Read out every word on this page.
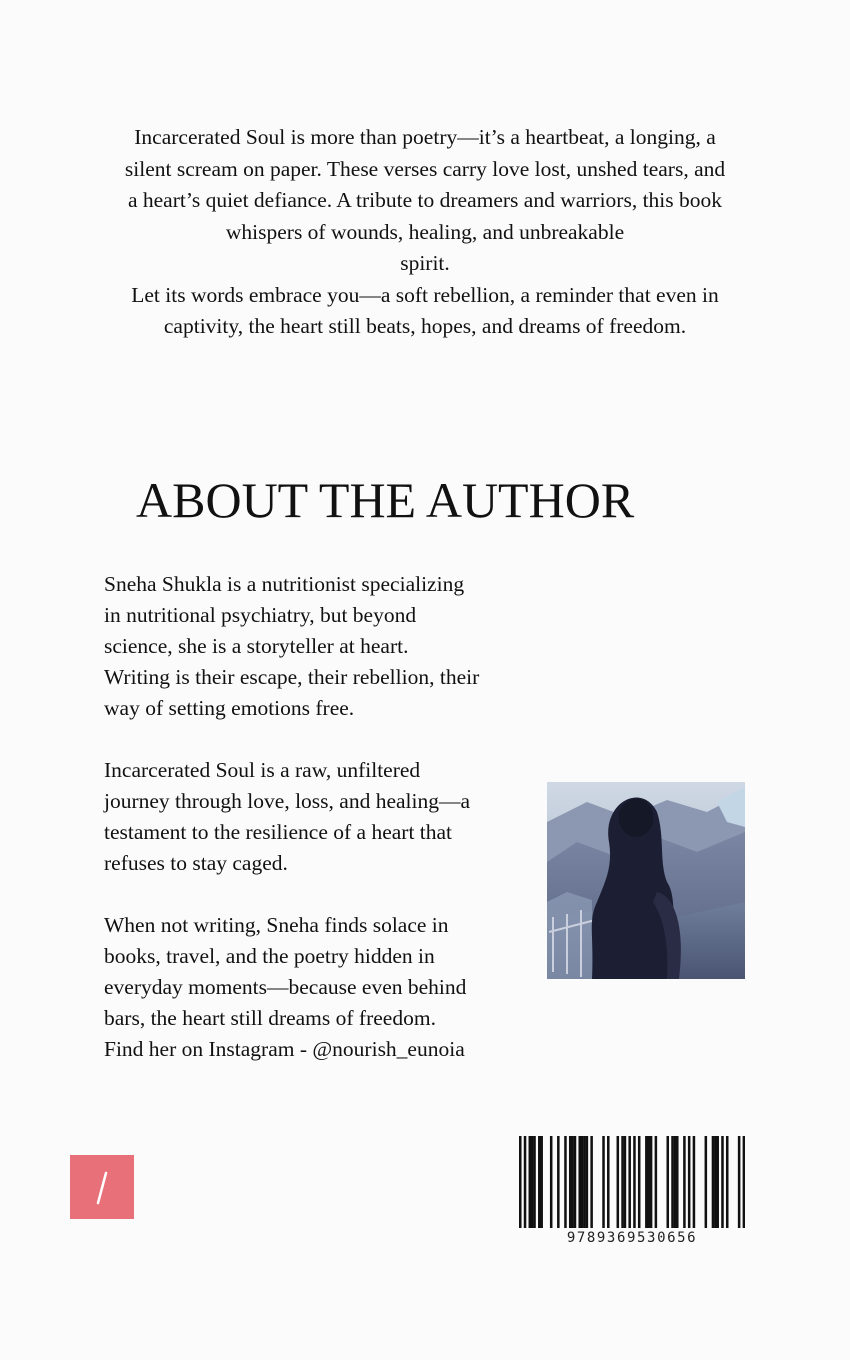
Incarcerated Soul is more than poetry—it’s a heartbeat, a longing, a

silent scream on paper. These verses carry love lost, unshed tears, and

a heart’s quiet defiance. A tribute to dreamers and warriors, this book

whispers of wounds, healing, and unbreakable

spirit.

Let its words embrace you—a soft rebellion, a reminder that even in

captivity, the heart still beats, hopes, and dreams of freedom.

ABOUT THE AUTHOR

Sneha Shukla is a nutritionist specializing
in nutritional psychiatry, but beyond
science, she is a storyteller at heart.
Writing is their escape, their rebellion, their
way of setting emotions free.

Incarcerated Soul is a raw, unfiltered
journey through love, loss, and healing—a
testament to the resilience of a heart that
refuses to stay caged.

When not writing, Sneha finds solace in
books, travel, and the poetry hidden in
everyday moments—because even behind
bars, the heart still dreams of freedom.
Find her on Instagram - @nourish_eunoia

9789369530656
